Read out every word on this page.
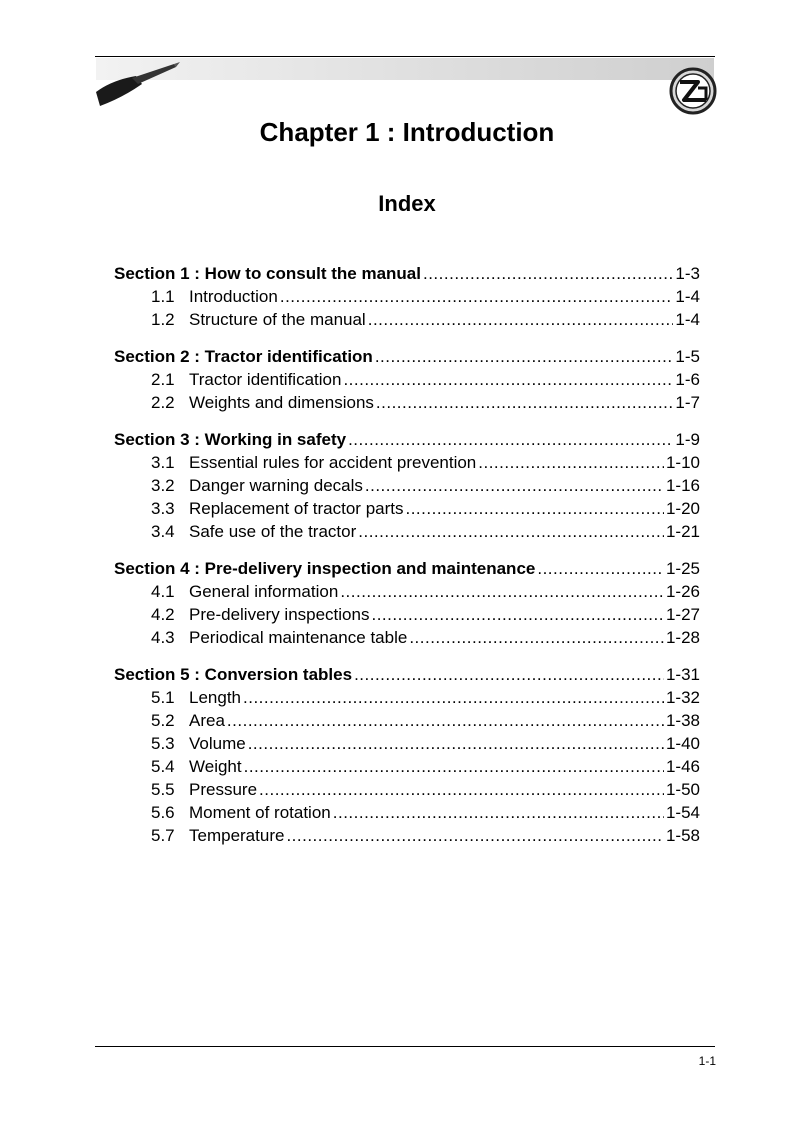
Chapter 1 : Introduction
Index
Section 1 : How to consult the manual .....	1-3
1.1 Introduction .....	1-4
1.2 Structure of the manual .....	1-4
Section 2 : Tractor identification .....	1-5
2.1 Tractor identification .....	1-6
2.2 Weights and dimensions .....	1-7
Section 3 : Working in safety .....	1-9
3.1 Essential rules for accident prevention .....	1-10
3.2 Danger warning decals .....	1-16
3.3 Replacement of tractor parts .....	1-20
3.4 Safe use of the tractor .....	1-21
Section 4 : Pre-delivery inspection and maintenance .....	1-25
4.1 General information .....	1-26
4.2 Pre-delivery inspections .....	1-27
4.3 Periodical maintenance table .....	1-28
Section 5 : Conversion tables .....	1-31
5.1 Length .....	1-32
5.2 Area .....	1-38
5.3 Volume .....	1-40
5.4 Weight .....	1-46
5.5 Pressure .....	1-50
5.6 Moment of rotation .....	1-54
5.7 Temperature .....	1-58
1-1
